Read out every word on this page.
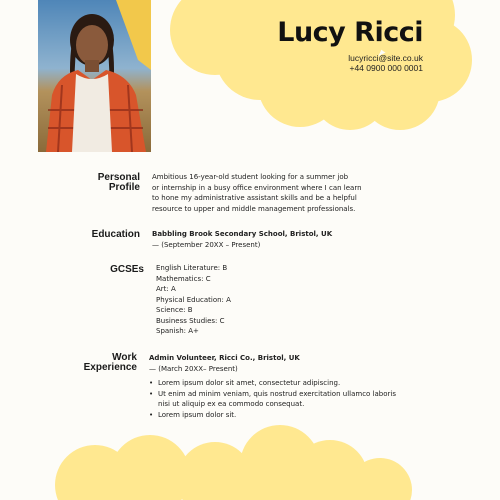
Lucy Ricci
lucyricci@site.co.uk
+44 0900 000 0001
Personal
Profile
Ambitious 16-year-old student looking for a summer job
or internship in a busy office environment where I can learn
to hone my administrative assistant skills and be a helpful
resource to upper and middle management professionals.
Education Babbling Brook Secondary School, Bristol, UK
— (September 20XX – Present)
GCSEs English Literature: B
Mathematics: C
Art: A
Physical Education: A
Science: B
Business Studies: C
Spanish: A+
Work
Experience
Admin Volunteer, Ricci Co., Bristol, UK
— (March 20XX– Present)
• Lorem ipsum dolor sit amet, consectetur adipiscing.
• Ut enim ad minim veniam, quis nostrud exercitation ullamco laboris
nisi ut aliquip ex ea commodo consequat.
• Lorem ipsum dolor sit.
